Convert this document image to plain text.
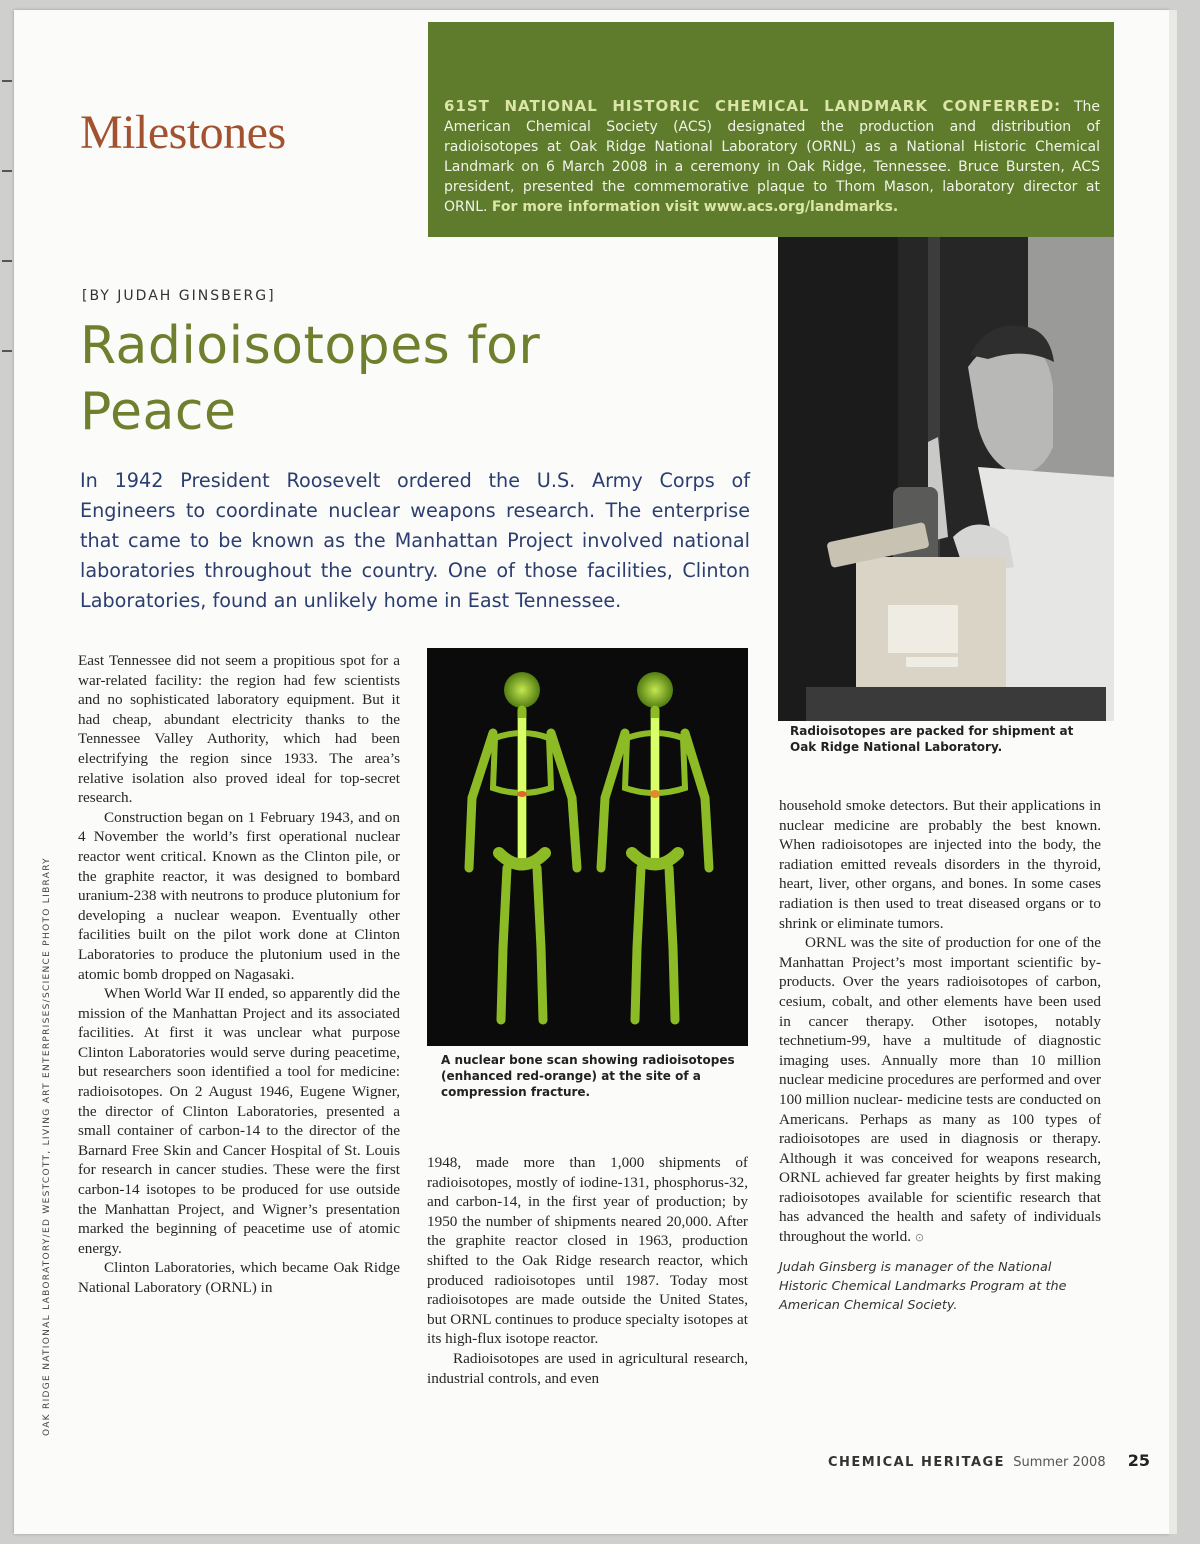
Milestones	61ST NATIONAL HISTORIC CHEMICAL LANDMARK CONFERRED: The American Chemical Society (ACS) designated the production and distribution of radioisotopes at Oak Ridge National Laboratory (ORNL) as a National Historic Chemical Landmark on 6 March 2008 in a ceremony in Oak Ridge, Tennessee. Bruce Bursten, ACS president, presented the commemorative plaque to Thom Mason, laboratory director at ORNL. For more information visit www.acs.org/landmarks.
[BY JUDAH GINSBERG]
Radioisotopes for Peace

In 1942 President Roosevelt ordered the U.S. Army Corps of Engineers to coordinate nuclear weapons research. The enterprise that came to be known as the Manhattan Project involved national laboratories throughout the country. One of those facilities, Clinton Laboratories, found an unlikely home in East Tennessee.

Radioisotopes are packed for shipment at Oak Ridge National Laboratory.

A nuclear bone scan showing radioisotopes (enhanced red-orange) at the site of a compression fracture.

East Tennessee did not seem a propitious spot for a war-related facility: the region had few scientists and no sophisticated laboratory equipment. But it had cheap, abundant electricity thanks to the Tennessee Valley Authority, which had been electrifying the region since 1933. The area’s relative isolation also proved ideal for top-secret research.

Construction began on 1 February 1943, and on 4 November the world’s first operational nuclear reactor went critical. Known as the Clinton pile, or the graphite reactor, it was designed to bombard uranium-238 with neutrons to produce plutonium for developing a nuclear weapon. Eventually other facilities built on the pilot work done at Clinton Laboratories to produce the plutonium used in the atomic bomb dropped on Nagasaki.

When World War II ended, so apparently did the mission of the Manhattan Project and its associated facilities. At first it was unclear what purpose Clinton Laboratories would serve during peacetime, but researchers soon identified a tool for medicine: radioisotopes. On 2 August 1946, Eugene Wigner, the director of Clinton Laboratories, presented a small container of carbon-14 to the director of the Barnard Free Skin and Cancer Hospital of St. Louis for research in cancer studies. These were the first carbon-14 isotopes to be produced for use outside the Manhattan Project, and Wigner’s presentation marked the beginning of peacetime use of atomic energy.

Clinton Laboratories, which became Oak Ridge National Laboratory (ORNL) in

1948, made more than 1,000 shipments of radioisotopes, mostly of iodine-131, phosphorus-32, and carbon-14, in the first year of production; by 1950 the number of shipments neared 20,000. After the graphite reactor closed in 1963, production shifted to the Oak Ridge research reactor, which produced radioisotopes until 1987. Today most radioisotopes are made outside the United States, but ORNL continues to produce specialty isotopes at its high-flux isotope reactor.

Radioisotopes are used in agricultural research, industrial controls, and even

household smoke detectors. But their applications in nuclear medicine are probably the best known. When radioisotopes are injected into the body, the radiation emitted reveals disorders in the thyroid, heart, liver, other organs, and bones. In some cases radiation is then used to treat diseased organs or to shrink or eliminate tumors.

ORNL was the site of production for one of the Manhattan Project’s most important scientific by-products. Over the years radioisotopes of carbon, cesium, cobalt, and other elements have been used in cancer therapy. Other isotopes, notably technetium-99, have a multitude of diagnostic imaging uses. Annually more than 10 million nuclear medicine procedures are performed and over 100 million nuclear- medicine tests are conducted on Americans. Perhaps as many as 100 types of radioisotopes are used in diagnosis or therapy. Although it was conceived for weapons research, ORNL achieved far greater heights by first making radioisotopes available for scientific research that has advanced the health and safety of individuals throughout the world. ⊙

Judah Ginsberg is manager of the National Historic Chemical Landmarks Program at the American Chemical Society.

OAK RIDGE NATIONAL LABORATORY/ED WESTCOTT, LIVING ART ENTERPRISES/SCIENCE PHOTO LIBRARY
CHEMICAL HERITAGE Summer 2008 25
